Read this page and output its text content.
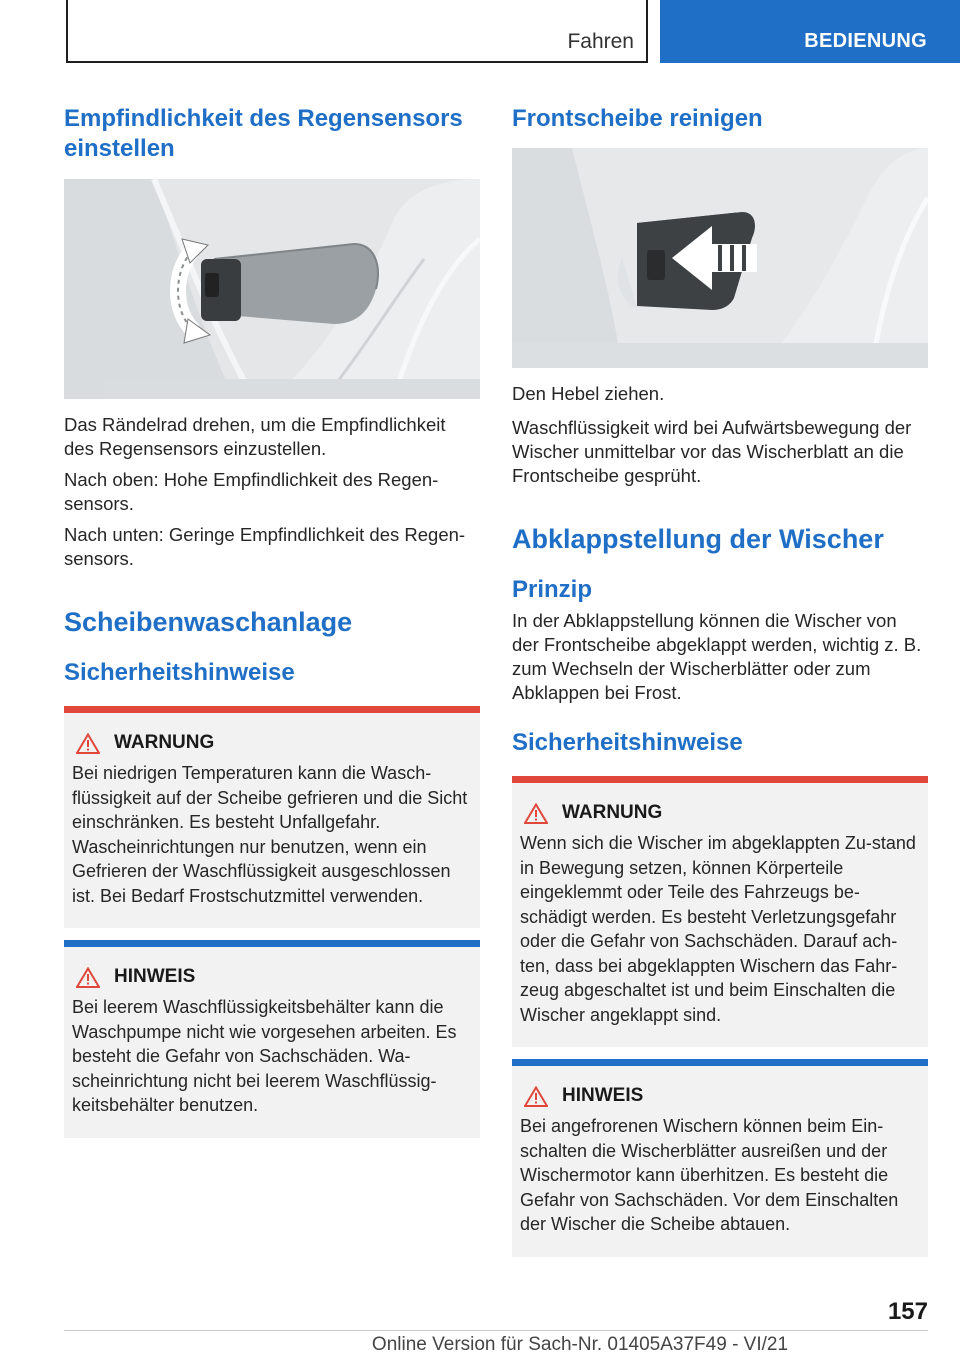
Fahren	BEDIENUNG
Empfindlichkeit des Regensensors einstellen

Das Rändelrad drehen, um die Empfindlichkeit des Regensensors einzustellen.

Nach oben: Hohe Empfindlichkeit des Regen‐sensors.

Nach unten: Geringe Empfindlichkeit des Regen‐sensors.

Scheibenwaschanlage
Sicherheitshinweise
WARNUNG

Bei niedrigen Temperaturen kann die Wasch‐flüssigkeit auf der Scheibe gefrieren und die Sicht einschränken. Es besteht Unfallgefahr. Wascheinrichtungen nur benutzen, wenn ein Gefrieren der Waschflüssigkeit ausgeschlossen ist. Bei Bedarf Frostschutzmittel verwenden.

HINWEIS

Bei leerem Waschflüssigkeitsbehälter kann die Waschpumpe nicht wie vorgesehen arbeiten. Es besteht die Gefahr von Sachschäden. Wa‐scheinrichtung nicht bei leerem Waschflüssig‐keitsbehälter benutzen.

Frontscheibe reinigen

Den Hebel ziehen.

Waschflüssigkeit wird bei Aufwärtsbewegung der Wischer unmittelbar vor das Wischerblatt an die Frontscheibe gesprüht.

Abklappstellung der Wischer
Prinzip

In der Abklappstellung können die Wischer von der Frontscheibe abgeklappt werden, wichtig z. B. zum Wechseln der Wischerblätter oder zum Abklappen bei Frost.

Sicherheitshinweise
WARNUNG

Wenn sich die Wischer im abgeklappten Zu‐stand in Bewegung setzen, können Körperteile eingeklemmt oder Teile des Fahrzeugs be‐schädigt werden. Es besteht Verletzungsgefahr oder die Gefahr von Sachschäden. Darauf ach‐ten, dass bei abgeklappten Wischern das Fahr‐zeug abgeschaltet ist und beim Einschalten die Wischer angeklappt sind.

HINWEIS

Bei angefrorenen Wischern können beim Ein‐schalten die Wischerblätter ausreißen und der Wischermotor kann überhitzen. Es besteht die Gefahr von Sachschäden. Vor dem Einschalten der Wischer die Scheibe abtauen.

157
Online Version für Sach-Nr. 01405A37F49 - VI/21
